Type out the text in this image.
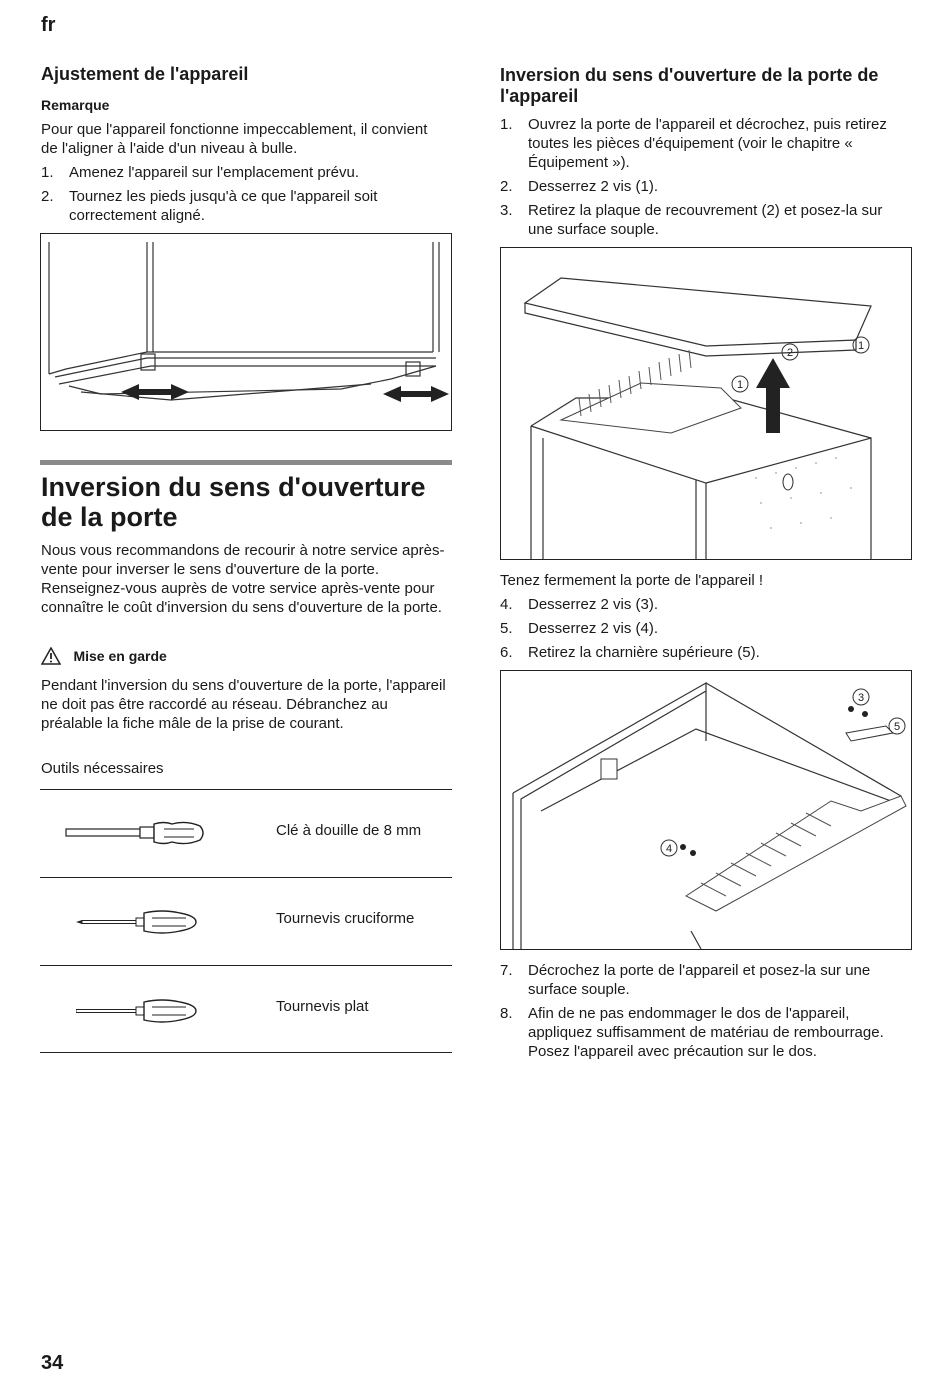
fr
Ajustement de l'appareil
Remarque
Pour que l'appareil fonctionne impeccablement, il convient de l'aligner à l'aide d'un niveau à bulle.
1. Amenez l'appareil sur l'emplacement prévu.
2. Tournez les pieds jusqu'à ce que l'appareil soit correctement aligné.
Inversion du sens d'ouverture de la porte
Nous vous recommandons de recourir à notre service après-vente pour inverser le sens d'ouverture de la porte. Renseignez-vous auprès de votre service après-vente pour connaître le coût d'inversion du sens d'ouverture de la porte.
Mise en garde
Pendant l'inversion du sens d'ouverture de la porte, l'appareil ne doit pas être raccordé au réseau. Débranchez au préalable la fiche mâle de la prise de courant.
Outils nécessaires
Clé à douille de 8 mm
Tournevis cruciforme
Tournevis plat
Inversion du sens d'ouverture de la porte de l'appareil
1. Ouvrez la porte de l'appareil et décrochez, puis retirez toutes les pièces d'équipement (voir le chapitre « Équipement »).
2. Desserrez 2 vis (1).
3. Retirez la plaque de recouvrement (2) et posez-la sur une surface souple.
2
1
1
Tenez fermement la porte de l'appareil !
4. Desserrez 2 vis (3).
5. Desserrez 2 vis (4).
6. Retirez la charnière supérieure (5).
3
5
4
7. Décrochez la porte de l'appareil et posez-la sur une surface souple.
8. Afin de ne pas endommager le dos de l'appareil, appliquez suffisamment de matériau de rembourrage. Posez l'appareil avec précaution sur le dos.
34
